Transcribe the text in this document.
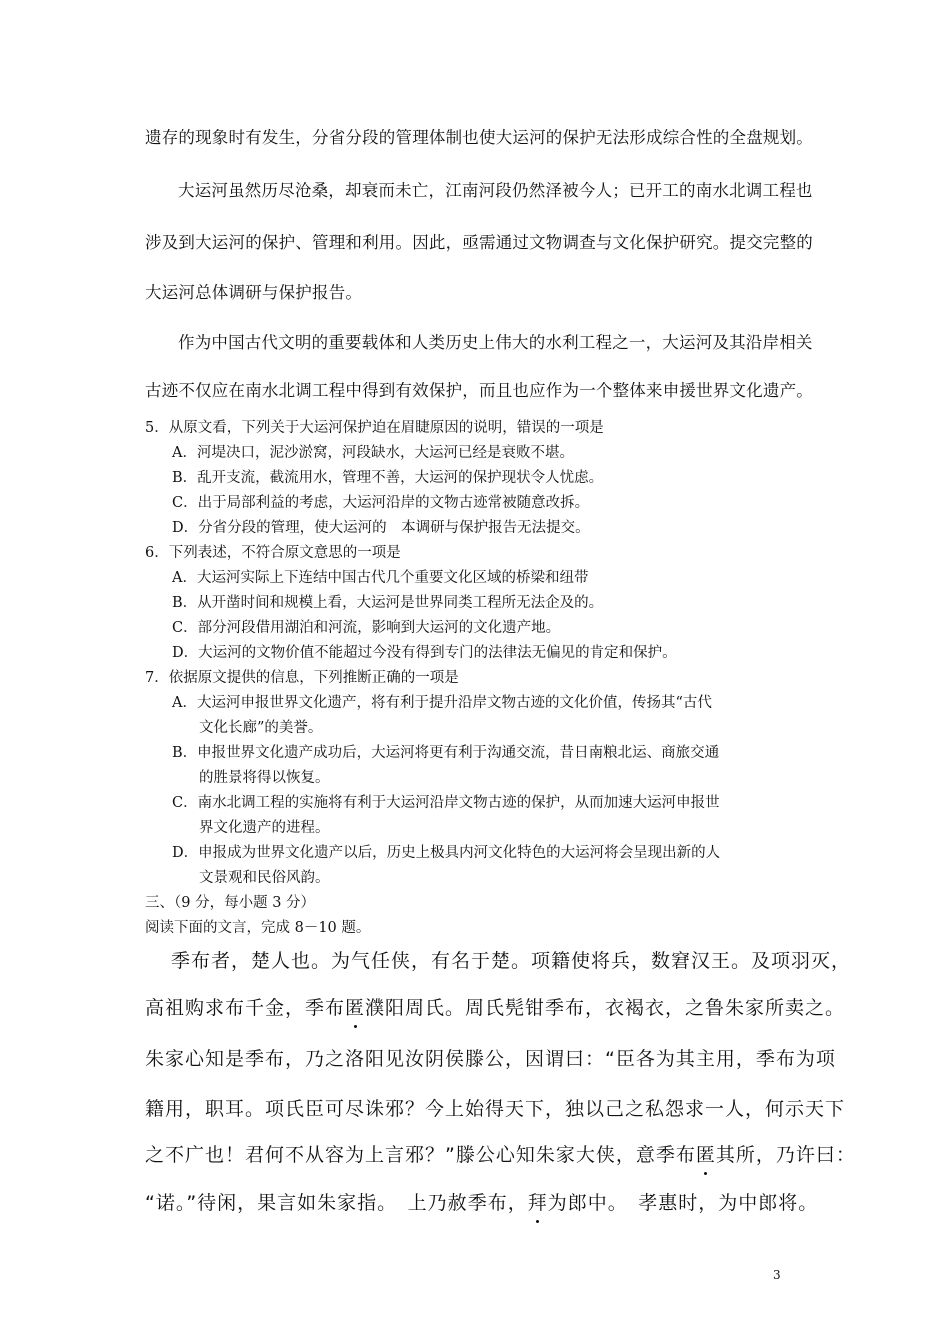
遗存的现象时有发生，分省分段的管理体制也使大运河的保护无法形成综合性的全盘规划。
大运河虽然历尽沧桑，却衰而未亡，江南河段仍然泽被今人；已开工的南水北调工程也
涉及到大运河的保护、管理和利用。因此，亟需通过文物调查与文化保护研究。提交完整的
大运河总体调研与保护报告。
作为中国古代文明的重要载体和人类历史上伟大的水利工程之一，大运河及其沿岸相关
古迹不仅应在南水北调工程中得到有效保护，而且也应作为一个整体来申援世界文化遗产。
5．从原文看，下列关于大运河保护迫在眉睫原因的说明，错误的一项是
A．河堤决口，泥沙淤窝，河段缺水，大运河已经是衰败不堪。
B．乱开支流，截流用水，管理不善，大运河的保护现状令人忧虑。
C．出于局部利益的考虑，大运河沿岸的文物古迹常被随意改拆。
D．分省分段的管理，使大运河的　本调研与保护报告无法提交。
6．下列表述，不符合原文意思的一项是
A．大运河实际上下连结中国古代几个重要文化区域的桥梁和纽带
B．从开凿时间和规模上看，大运河是世界同类工程所无法企及的。
C．部分河段借用湖泊和河流，影响到大运河的文化遗产地。
D．大运河的文物价值不能超过今没有得到专门的法律法无偏见的肯定和保护。
7．依据原文提供的信息，下列推断正确的一项是
A．大运河申报世界文化遗产，将有利于提升沿岸文物古迹的文化价值，传扬其“古代
文化长廊”的美誉。
B．申报世界文化遗产成功后，大运河将更有利于沟通交流，昔日南粮北运、商旅交通
的胜景将得以恢复。
C．南水北调工程的实施将有利于大运河沿岸文物古迹的保护，从而加速大运河申报世
界文化遗产的进程。
D．申报成为世界文化遗产以后，历史上极具内河文化特色的大运河将会呈现出新的人
文景观和民俗风韵。
三、（9 分，每小题 3 分）
阅读下面的文言，完成 8－10 题。
季布者，楚人也。为气任侠，有名于楚。项籍使将兵，数窘汉王。及项羽灭，
高祖购求布千金，季布匿濮阳周氏。周氏髡钳季布，衣褐衣，之鲁朱家所卖之。
朱家心知是季布，乃之洛阳见汝阴侯滕公，因谓曰：“臣各为其主用，季布为项
籍用，职耳。项氏臣可尽诛邪？今上始得天下，独以己之私怨求一人，何示天下
之不广也！君何不从容为上言邪？”滕公心知朱家大侠，意季布匿其所，乃许曰：
“诺。”待闲，果言如朱家指。　上乃赦季布，拜为郎中。　孝惠时，为中郎将。
3
